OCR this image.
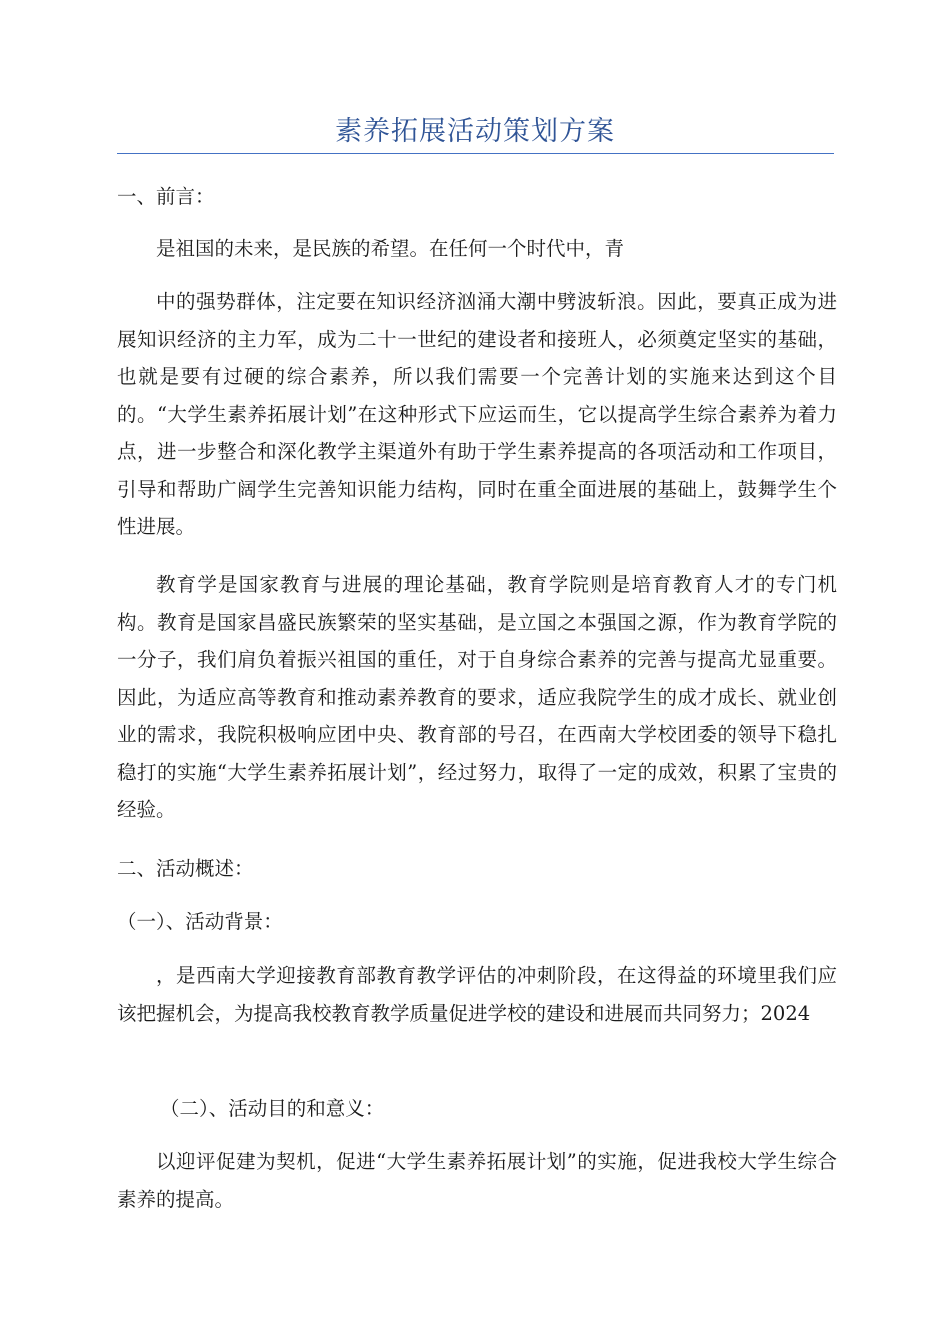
素养拓展活动策划方案

一、前言：

是祖国的未来，是民族的希望。在任何一个时代中，青

中的强势群体，注定要在知识经济汹涌大潮中劈波斩浪。因此，要真正成为进展知识经济的主力军，成为二十一世纪的建设者和接班人，必须奠定坚实的基础，也就是要有过硬的综合素养，所以我们需要一个完善计划的实施来达到这个目的。“大学生素养拓展计划”在这种形式下应运而生，它以提高学生综合素养为着力点，进一步整合和深化教学主渠道外有助于学生素养提高的各项活动和工作项目，引导和帮助广阔学生完善知识能力结构，同时在重全面进展的基础上，鼓舞学生个性进展。

教育学是国家教育与进展的理论基础，教育学院则是培育教育人才的专门机构。教育是国家昌盛民族繁荣的坚实基础，是立国之本强国之源，作为教育学院的一分子，我们肩负着振兴祖国的重任，对于自身综合素养的完善与提高尤显重要。因此，为适应高等教育和推动素养教育的要求，适应我院学生的成才成长、就业创业的需求，我院积极响应团中央、教育部的号召，在西南大学校团委的领导下稳扎稳打的实施“大学生素养拓展计划”，经过努力，取得了一定的成效，积累了宝贵的经验。

二、活动概述：

（一）、活动背景：

，是西南大学迎接教育部教育教学评估的冲刺阶段，在这得益的环境里我们应该把握机会，为提高我校教育教学质量促进学校的建设和进展而共同努力；2024

（二）、活动目的和意义：

以迎评促建为契机，促进“大学生素养拓展计划”的实施，促进我校大学生综合素养的提高。
